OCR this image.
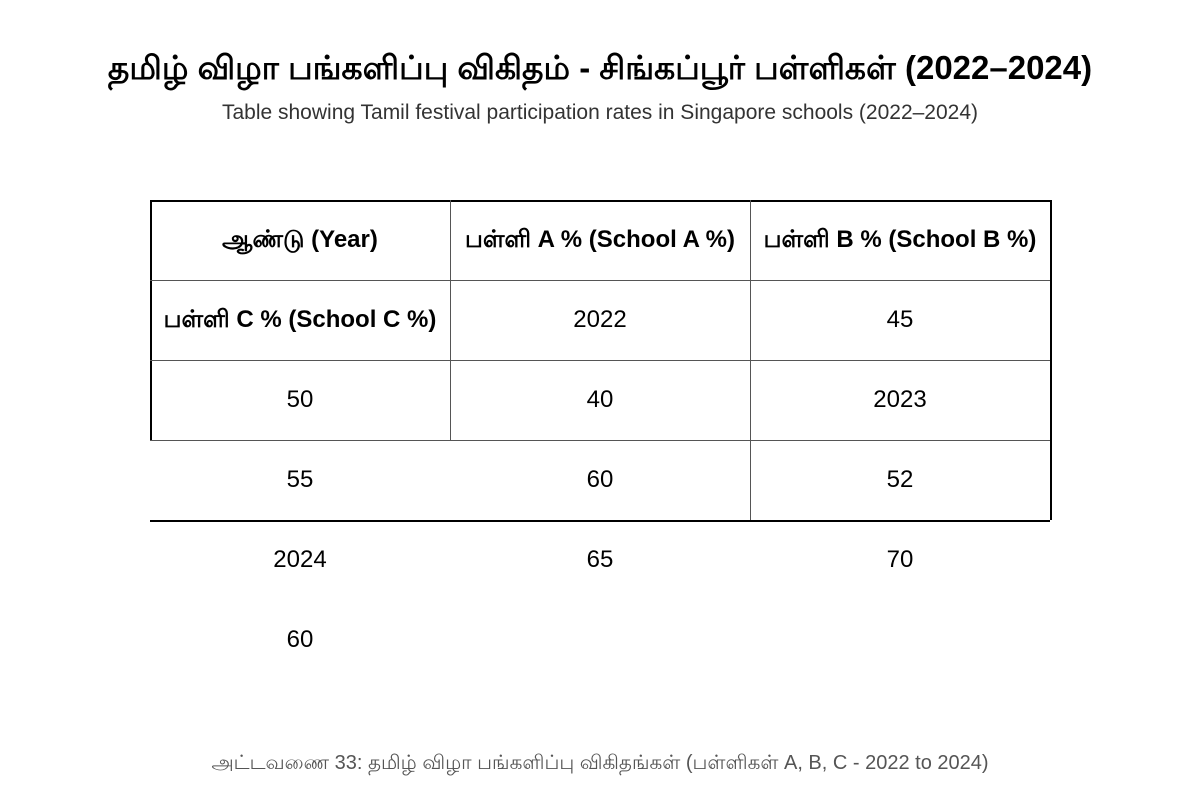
தமிழ் விழா பங்களிப்பு விகிதம் - சிங்கப்பூர் பள்ளிகள் (2022–2024)
Table showing Tamil festival participation rates in Singapore schools (2022–2024)
ஆண்டு (Year)	பள்ளி A % (School A %)	பள்ளி B % (School B %)
பள்ளி C % (School C %)	2022	45
50	40	2023
55	60	52
2024	65	70
60
அட்டவணை 33: தமிழ் விழா பங்களிப்பு விகிதங்கள் (பள்ளிகள் A, B, C - 2022 to 2024)
